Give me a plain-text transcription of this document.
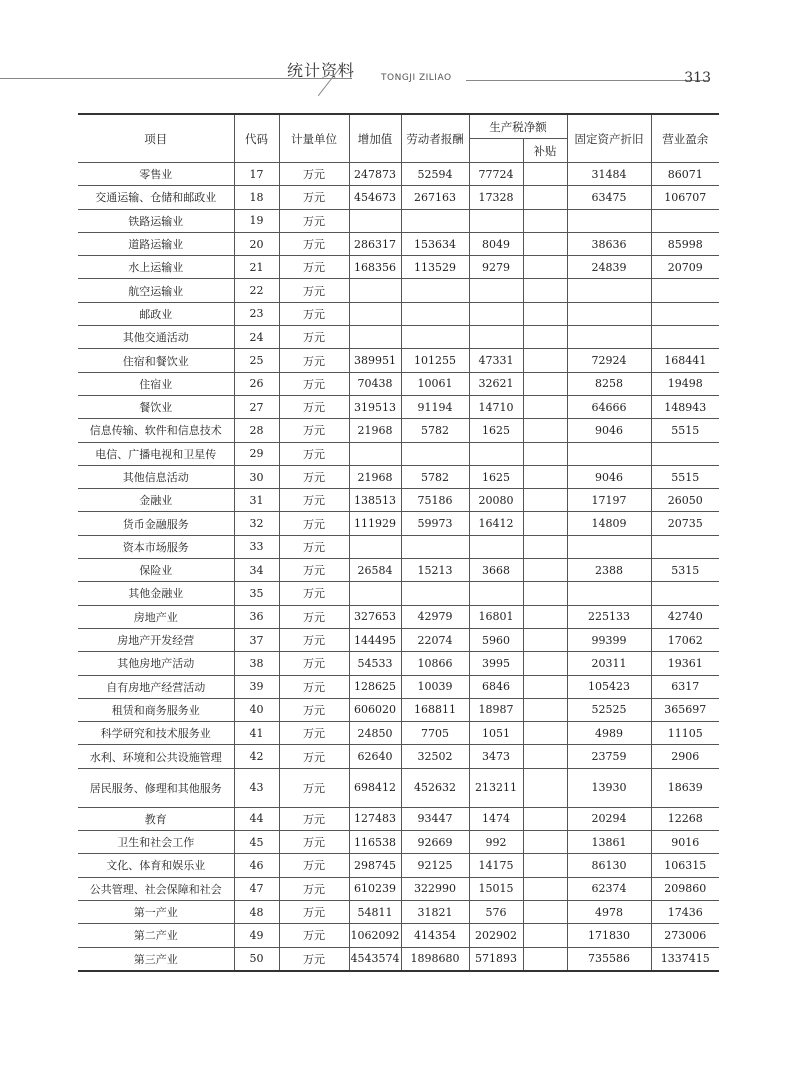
统计资料	TONGJI ZILIAO	313
项目	代码	计量单位	增加值	劳动者报酬	生产税净额		固定资产折旧	营业盈余
						补贴		
零售业	17	万元	247873	52594	77724		31484	86071
交通运输、仓储和邮政业	18	万元	454673	267163	17328		63475	106707
铁路运输业	19	万元						
道路运输业	20	万元	286317	153634	8049		38636	85998
水上运输业	21	万元	168356	113529	9279		24839	20709
航空运输业	22	万元						
邮政业	23	万元						
其他交通活动	24	万元						
住宿和餐饮业	25	万元	389951	101255	47331		72924	168441
住宿业	26	万元	70438	10061	32621		8258	19498
餐饮业	27	万元	319513	91194	14710		64666	148943
信息传输、软件和信息技术	28	万元	21968	5782	1625		9046	5515
电信、广播电视和卫星传	29	万元						
其他信息活动	30	万元	21968	5782	1625		9046	5515
金融业	31	万元	138513	75186	20080		17197	26050
货币金融服务	32	万元	111929	59973	16412		14809	20735
资本市场服务	33	万元						
保险业	34	万元	26584	15213	3668		2388	5315
其他金融业	35	万元						
房地产业	36	万元	327653	42979	16801		225133	42740
房地产开发经营	37	万元	144495	22074	5960		99399	17062
其他房地产活动	38	万元	54533	10866	3995		20311	19361
自有房地产经营活动	39	万元	128625	10039	6846		105423	6317
租赁和商务服务业	40	万元	606020	168811	18987		52525	365697
科学研究和技术服务业	41	万元	24850	7705	1051		4989	11105
水利、环境和公共设施管理	42	万元	62640	32502	3473		23759	2906
居民服务、修理和其他服务	43	万元	698412	452632	213211		13930	18639
教育	44	万元	127483	93447	1474		20294	12268
卫生和社会工作	45	万元	116538	92669	992		13861	9016
文化、体育和娱乐业	46	万元	298745	92125	14175		86130	106315
公共管理、社会保障和社会	47	万元	610239	322990	15015		62374	209860
第一产业	48	万元	54811	31821	576		4978	17436
第二产业	49	万元	1062092	414354	202902		171830	273006
第三产业	50	万元	4543574	1898680	571893		735586	1337415
